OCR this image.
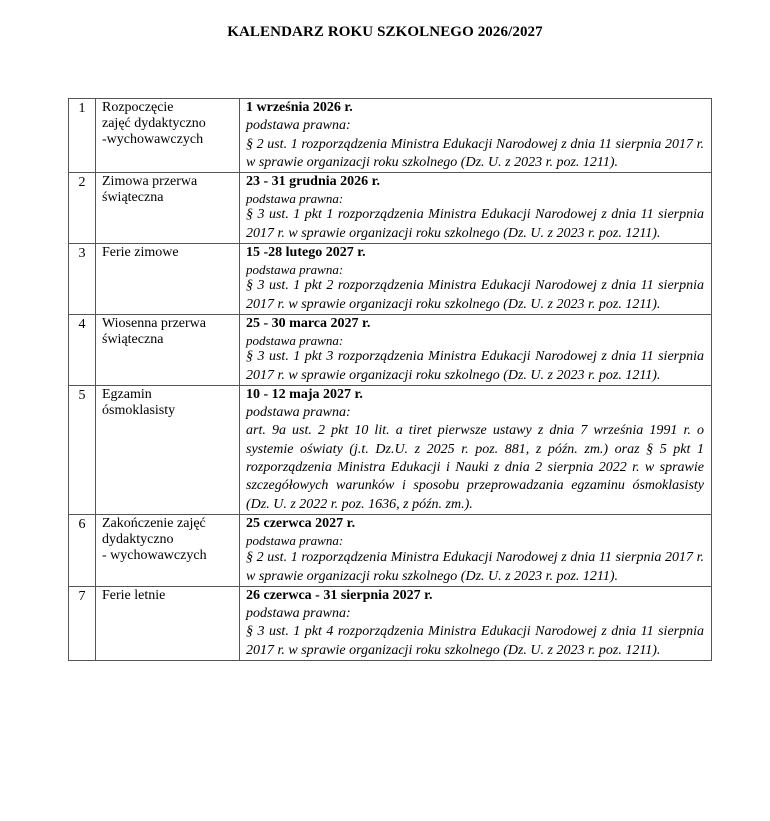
KALENDARZ ROKU SZKOLNEGO 2026/2027
1	Rozpoczęcie
zajęć dydaktyczno
-wychowawczych	1 września 2026 r.
podstawa prawna:
§ 2 ust. 1 rozporządzenia Ministra Edukacji Narodowej z dnia 11 sierpnia 2017 r. w sprawie organizacji roku szkolnego (Dz. U. z 2023 r. poz. 1211).

2	Zimowa przerwa
świąteczna	23 - 31 grudnia 2026 r.
podstawa prawna:
§ 3 ust. 1 pkt 1 rozporządzenia Ministra Edukacji Narodowej z dnia 11 sierpnia 2017 r. w sprawie organizacji roku szkolnego (Dz. U. z 2023 r. poz. 1211).

3	Ferie zimowe	15 -28 lutego 2027 r.
podstawa prawna:
§ 3 ust. 1 pkt 2 rozporządzenia Ministra Edukacji Narodowej z dnia 11 sierpnia 2017 r. w sprawie organizacji roku szkolnego (Dz. U. z 2023 r. poz. 1211).

4	Wiosenna przerwa
świąteczna	25 - 30 marca 2027 r.
podstawa prawna:
§ 3 ust. 1 pkt 3 rozporządzenia Ministra Edukacji Narodowej z dnia 11 sierpnia 2017 r. w sprawie organizacji roku szkolnego (Dz. U. z 2023 r. poz. 1211).

5	Egzamin
ósmoklasisty	10 - 12 maja 2027 r.
podstawa prawna:
art. 9a ust. 2 pkt 10 lit. a tiret pierwsze ustawy z dnia 7 września 1991 r. o systemie oświaty (j.t. Dz.U. z 2025 r. poz. 881, z późn. zm.) oraz § 5 pkt 1 rozporządzenia Ministra Edukacji i Nauki z dnia 2 sierpnia 2022 r. w sprawie szczegółowych warunków i sposobu przeprowadzania egzaminu ósmoklasisty (Dz. U. z 2022 r. poz. 1636, z późn. zm.).

6	Zakończenie zajęć
dydaktyczno
- wychowawczych	25 czerwca 2027 r.
podstawa prawna:
§ 2 ust. 1 rozporządzenia Ministra Edukacji Narodowej z dnia 11 sierpnia 2017 r. w sprawie organizacji roku szkolnego (Dz. U. z 2023 r. poz. 1211).

7	Ferie letnie	26 czerwca - 31 sierpnia 2027 r.
podstawa prawna:
§ 3 ust. 1 pkt 4 rozporządzenia Ministra Edukacji Narodowej z dnia 11 sierpnia 2017 r. w sprawie organizacji roku szkolnego (Dz. U. z 2023 r. poz. 1211).
